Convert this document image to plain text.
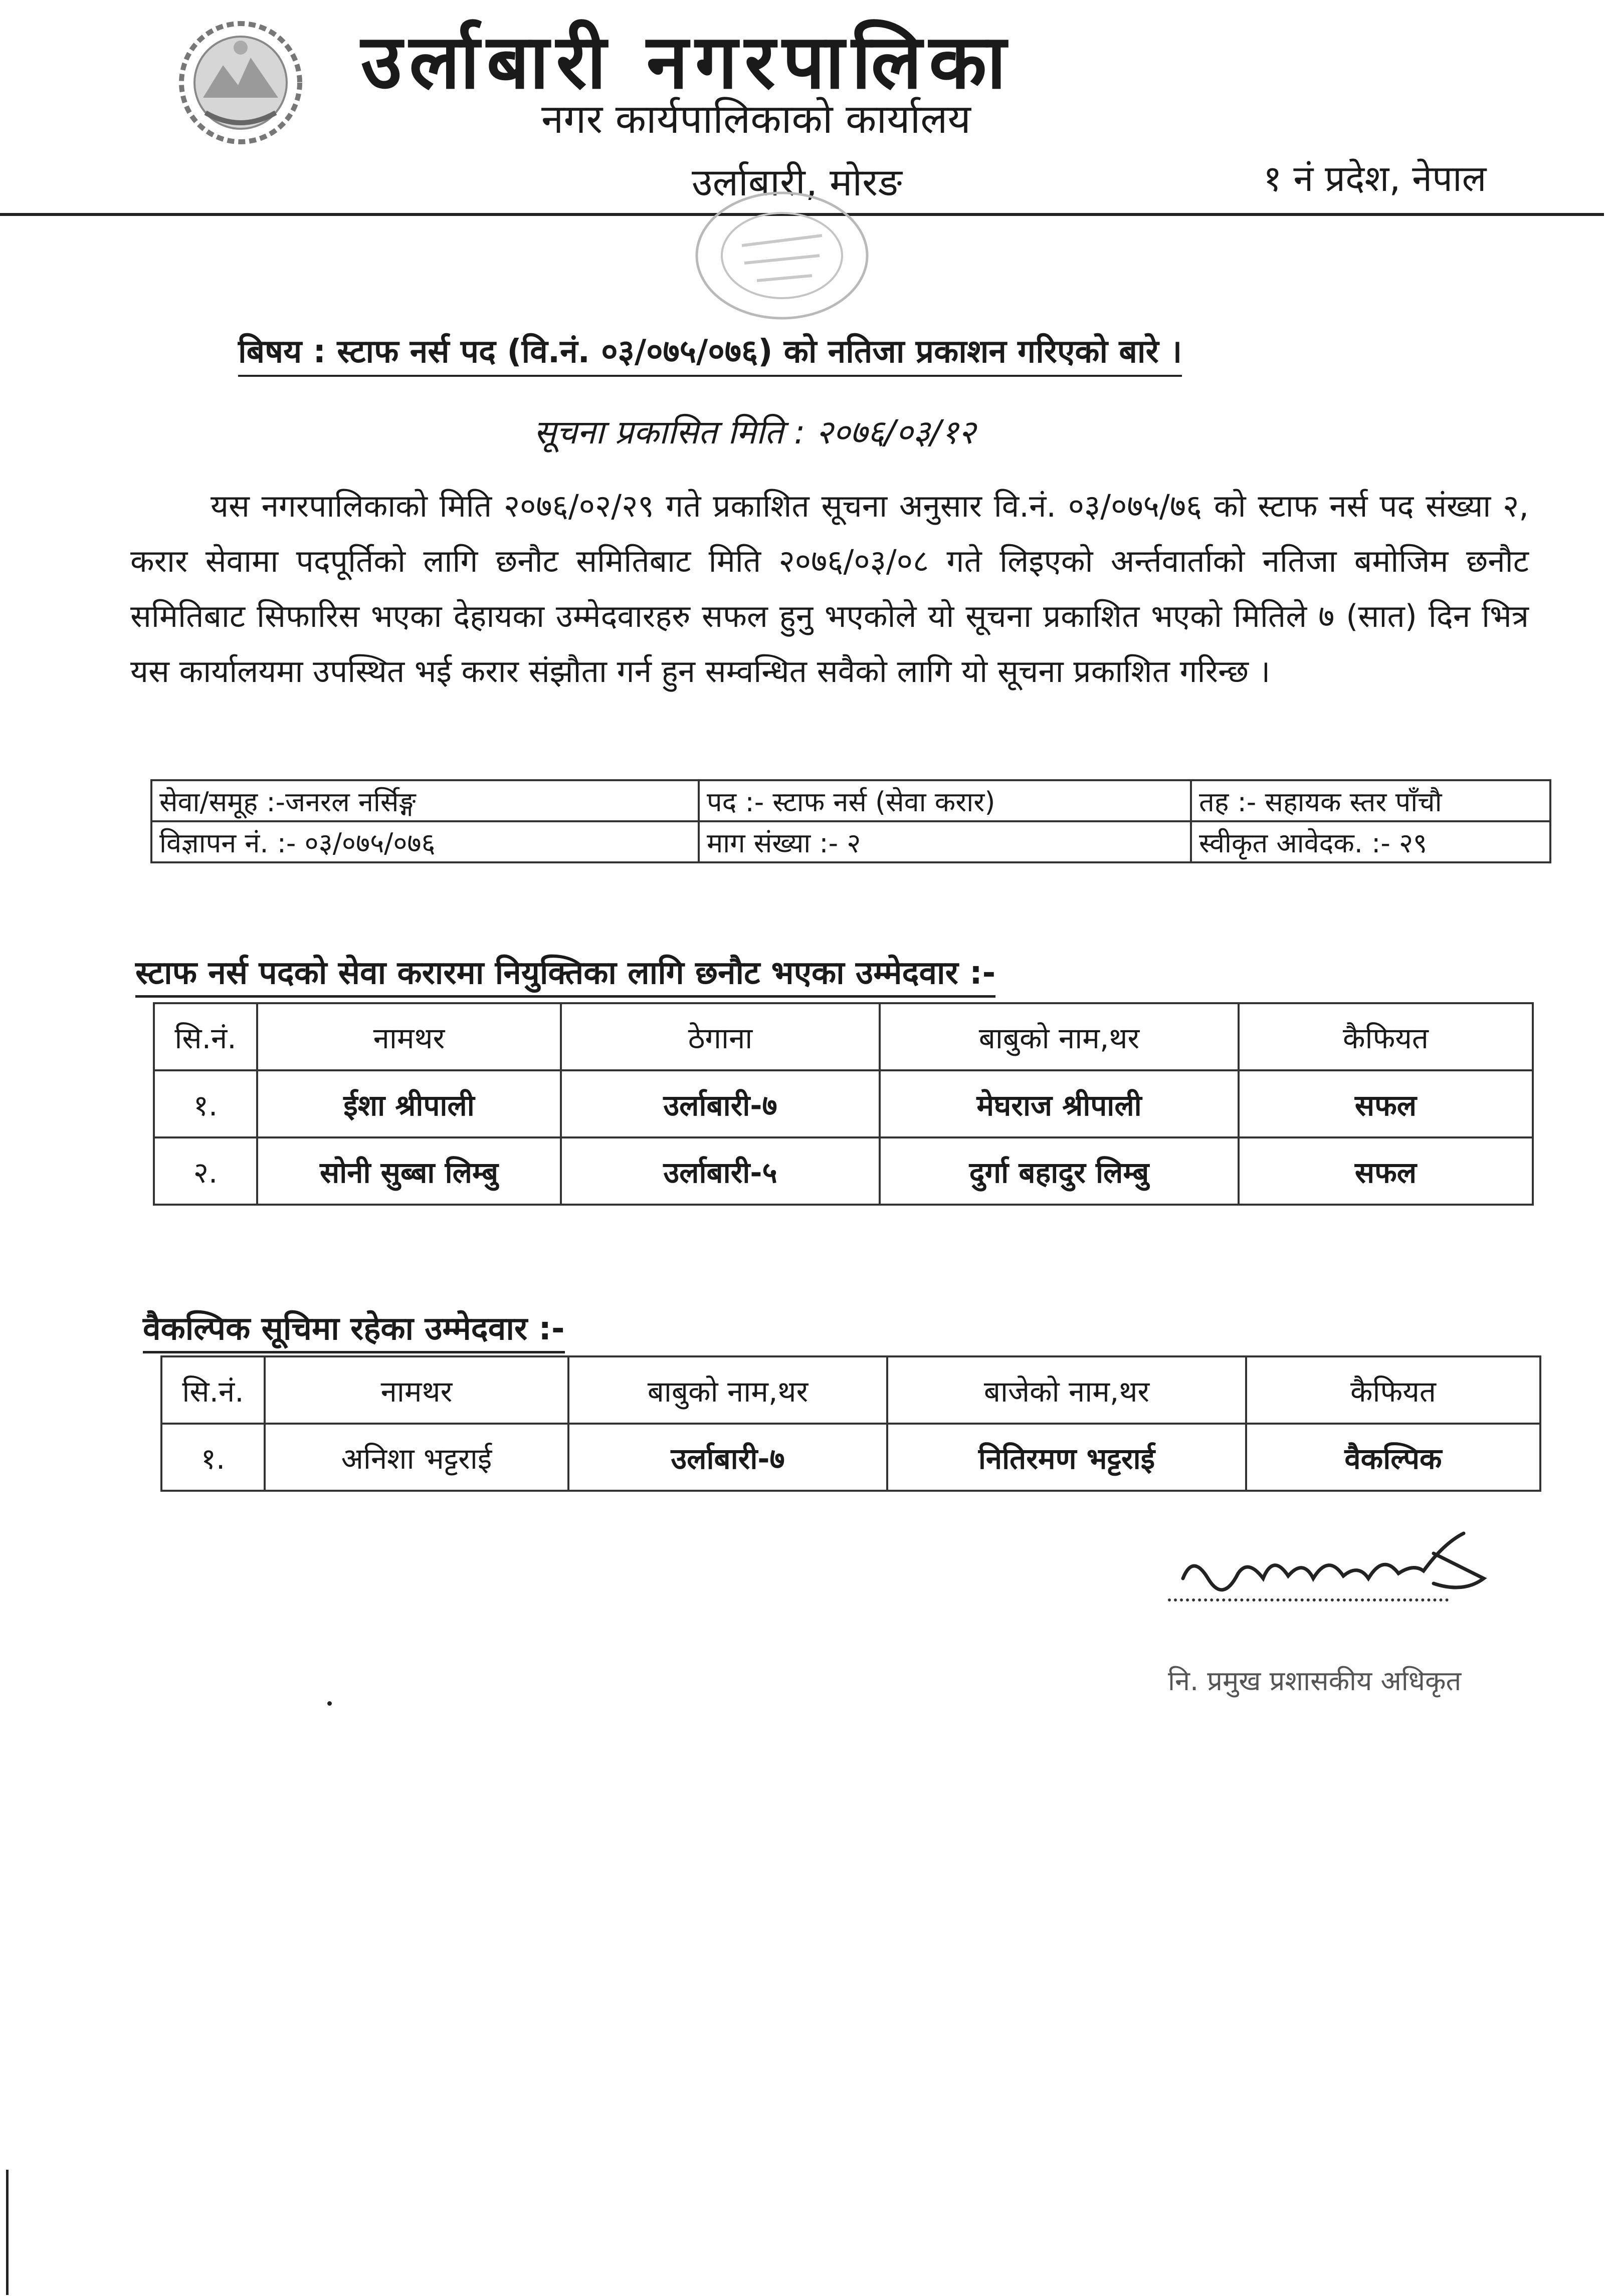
उर्लाबारी नगरपालिका
नगर कार्यपालिकाको कार्यालय
उर्लाबारी, मोरङ	१ नं प्रदेश, नेपाल
बिषय : स्टाफ नर्स पद (वि.नं. ०३/०७५/०७६) को नतिजा प्रकाशन गरिएको बारे ।
सूचना प्रकासित मिति : २०७६/०३/१२
यस नगरपालिकाको मिति २०७६/०२/२९ गते प्रकाशित सूचना अनुसार वि.नं. ०३/०७५/७६ को स्टाफ नर्स पद संख्या २, करार सेवामा पदपूर्तिको लागि छनौट समितिबाट मिति २०७६/०३/०८ गते लिइएको अर्न्तवार्ताको नतिजा बमोजिम छनौट समितिबाट सिफारिस भएका देहायका उम्मेदवारहरु सफल हुनु भएकोले यो सूचना प्रकाशित भएको मितिले ७ (सात) दिन भित्र यस कार्यालयमा उपस्थित भई करार संझौता गर्न हुन सम्वन्धित सवैको लागि यो सूचना प्रकाशित गरिन्छ ।
सेवा/समूह :-जनरल नर्सिङ्ग	पद :- स्टाफ नर्स (सेवा करार)	तह :- सहायक स्तर पाँचौ
विज्ञापन नं. :- ०३/०७५/०७६	माग संख्या :- २	स्वीकृत आवेदक. :- २९
स्टाफ नर्स पदको सेवा करारमा नियुक्तिका लागि छनौट भएका उम्मेदवार :-
सि.नं.	नामथर	ठेगाना	बाबुको नाम,थर	कैफियत
१.	ईशा श्रीपाली	उर्लाबारी-७	मेघराज श्रीपाली	सफल
२.	सोनी सुब्बा लिम्बु	उर्लाबारी-५	दुर्गा बहादुर लिम्बु	सफल
वैकल्पिक सूचिमा रहेका उम्मेदवार :-
सि.नं.	नामथर	बाबुको नाम,थर	बाजेको नाम,थर	कैफियत
१.	अनिशा भट्टराई	उर्लाबारी-७	नितिरमण भट्टराई	वैकल्पिक
नि. प्रमुख प्रशासकीय अधिकृत
